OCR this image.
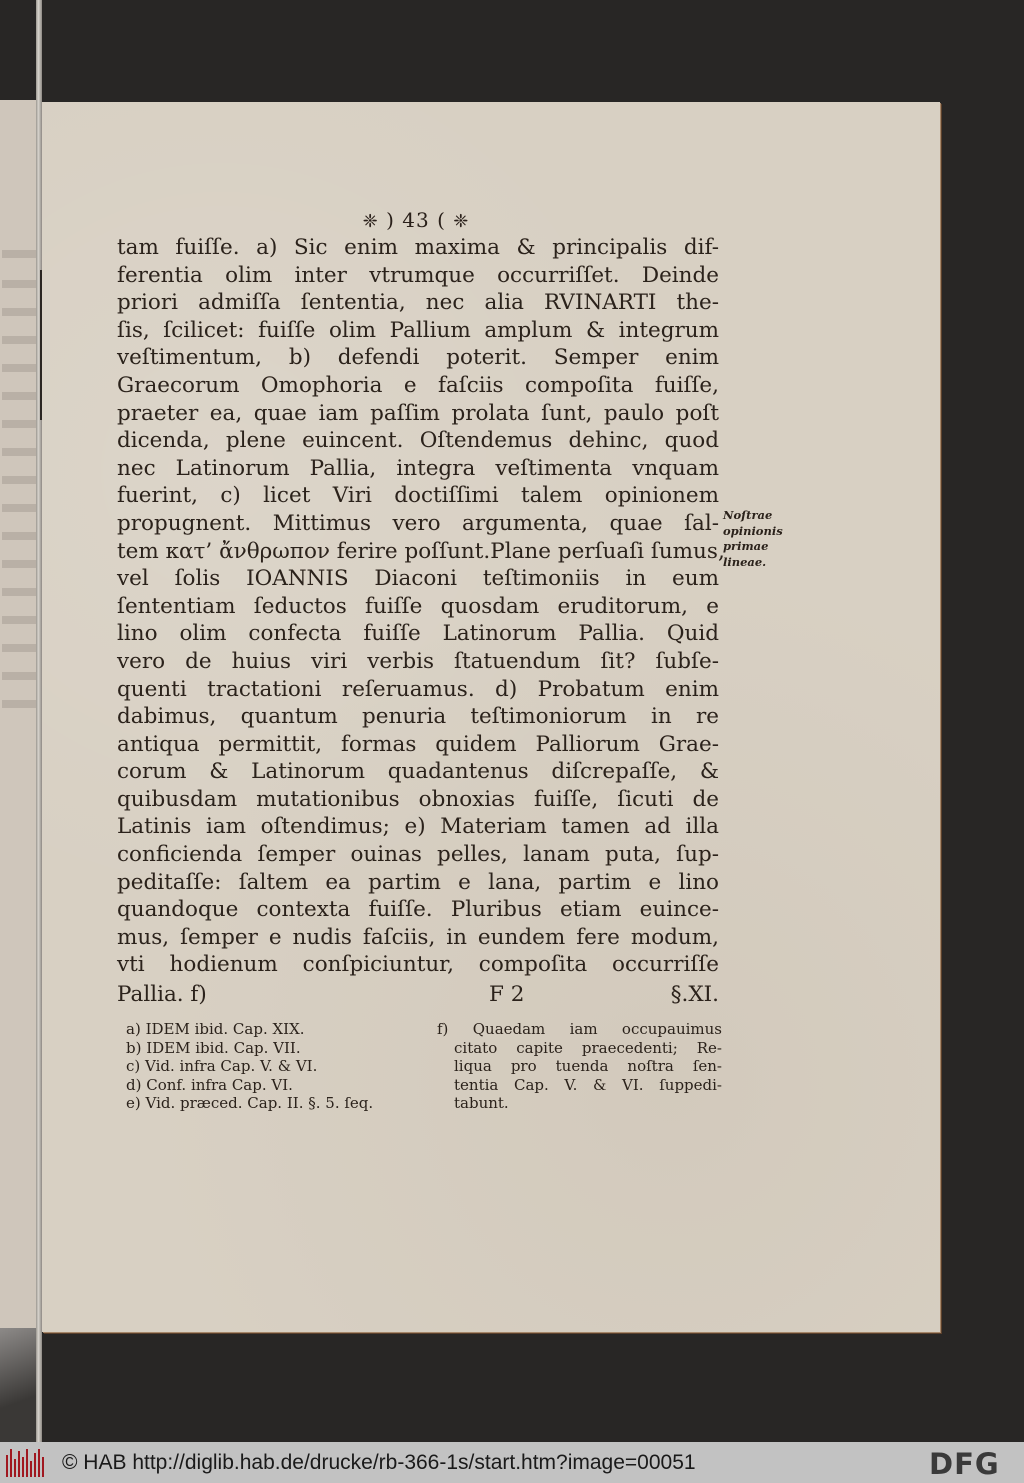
❈ ) 43 ( ❈
tam fuiſſe. a) Sic enim maxima & principalis dif-
ferentia olim inter vtrumque occurriſſet. Deinde
priori admiſſa ſententia, nec alia RVINARTI the-
ſis, ſcilicet: fuiſſe olim Pallium amplum & integrum
veſtimentum, b) defendi poterit. Semper enim
Graecorum Omophoria e faſciis compoſita fuiſſe,
praeter ea, quae iam paſſim prolata ſunt, paulo poſt
dicenda, plene euincent. Oſtendemus dehinc, quod
nec Latinorum Pallia, integra veſtimenta vnquam
fuerint, c) licet Viri doctiſſimi talem opinionem
propugnent. Mittimus vero argumenta, quae ſal-
tem κατ’ ἄνθρωπον ferire poſſunt.Plane perſuaſi ſumus,
vel ſolis IOANNIS Diaconi teſtimoniis in eum
ſententiam ſeductos fuiſſe quosdam eruditorum, e
lino olim confecta fuiſſe Latinorum Pallia. Quid
vero de huius viri verbis ſtatuendum ſit? ſubſe-
quenti tractationi reſeruamus. d) Probatum enim
dabimus, quantum penuria teſtimoniorum in re
antiqua permittit, formas quidem Palliorum Grae-
corum & Latinorum quadantenus diſcrepaſſe, &
quibusdam mutationibus obnoxias fuiſſe, ſicuti de
Latinis iam oſtendimus; e) Materiam tamen ad illa
conficienda ſemper ouinas pelles, lanam puta, ſup-
peditaſſe: ſaltem ea partim e lana, partim e lino
quandoque contexta fuiſſe. Pluribus etiam euince-
mus, ſemper e nudis faſciis, in eundem fere modum,
vti hodienum conſpiciuntur, compoſita occurriſſe
Pallia. f)	F 2	§.XI.
Noſtrae
opinionis
primae
lineae.
a) IDEM ibid. Cap. XIX.
b) IDEM ibid. Cap. VII.
c) Vid. infra Cap. V. & VI.
d) Conf. infra Cap. VI.
e) Vid. præced. Cap. II. §. 5. ſeq.
f) Quaedam iam occupauimus
citato capite praecedenti; Re-
liqua pro tuenda noſtra ſen-
tentia Cap. V. & VI. ſuppedi-
tabunt.
© HAB http://diglib.hab.de/drucke/rb-366-1s/start.htm?image=00051	DFG
